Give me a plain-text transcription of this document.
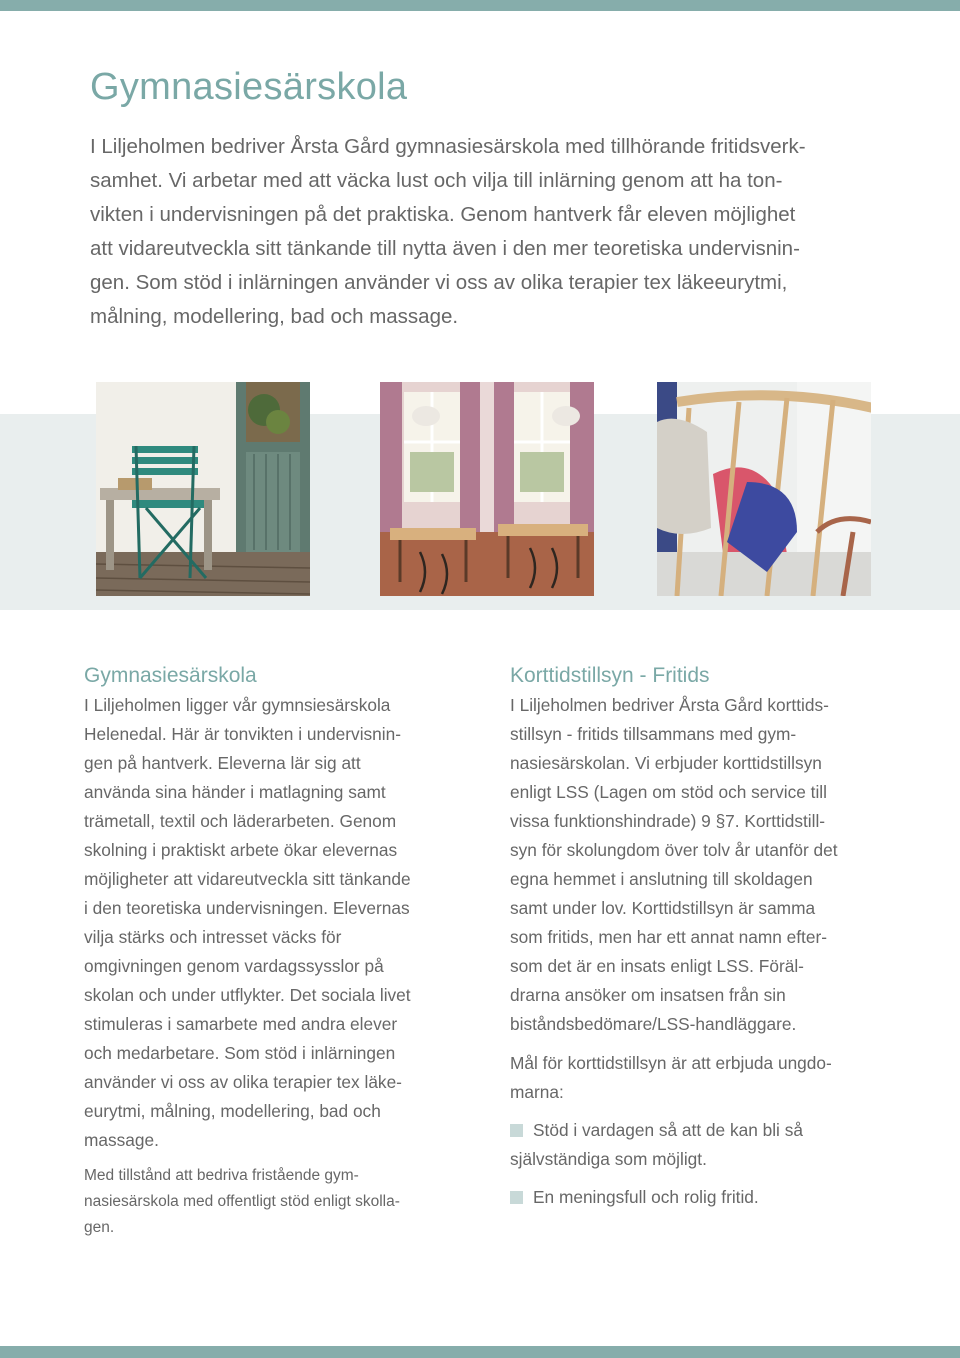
Gymnasiesärskola
I Liljeholmen bedriver Årsta Gård gymnasiesärskola med tillhörande fritidsverk-
samhet. Vi arbetar med att väcka lust och vilja till inlärning genom att ha ton-
vikten i undervisningen på det praktiska. Genom hantverk får eleven möjlighet
att vidareutveckla sitt tänkande till nytta även i den mer teoretiska undervisnin-
gen. Som stöd i inlärningen använder vi oss av olika terapier tex läkeeurytmi,
målning, modellering, bad och massage.
Gymnasiesärskola
I Liljeholmen ligger vår gymnsiesärskola
Helenedal. Här är tonvikten i undervisnin-
gen på hantverk. Eleverna lär sig att
använda sina händer i matlagning samt
trämetall, textil och läderarbeten. Genom
skolning i praktiskt arbete ökar elevernas
möjligheter att vidareutveckla sitt tänkande
i den teoretiska undervisningen. Elevernas
vilja stärks och intresset väcks för
omgivningen genom vardagssysslor på
skolan och under utflykter. Det sociala livet
stimuleras i samarbete med andra elever
och medarbetare. Som stöd i inlärningen
använder vi oss av olika terapier tex läke-
eurytmi, målning, modellering, bad och
massage.
Med tillstånd att bedriva fristående gym-
nasiesärskola med offentligt stöd enligt skolla-
gen.
Korttidstillsyn - Fritids
I Liljeholmen bedriver Årsta Gård korttids-
stillsyn - fritids tillsammans med gym-
nasiesärskolan. Vi erbjuder korttidstillsyn
enligt LSS (Lagen om stöd och service till
vissa funktionshindrade) 9 §7. Korttidstill-
syn för skolungdom över tolv år utanför det
egna hemmet i anslutning till skoldagen
samt under lov. Korttidstillsyn är samma
som fritids, men har ett annat namn efter-
som det är en insats enligt LSS. Föräl-
drarna ansöker om insatsen från sin
biståndsbedömare/LSS-handläggare.
Mål för korttidstillsyn är att erbjuda ungdo-
marna:
Stöd i vardagen så att de kan bli så
självständiga som möjligt.
En meningsfull och rolig fritid.
